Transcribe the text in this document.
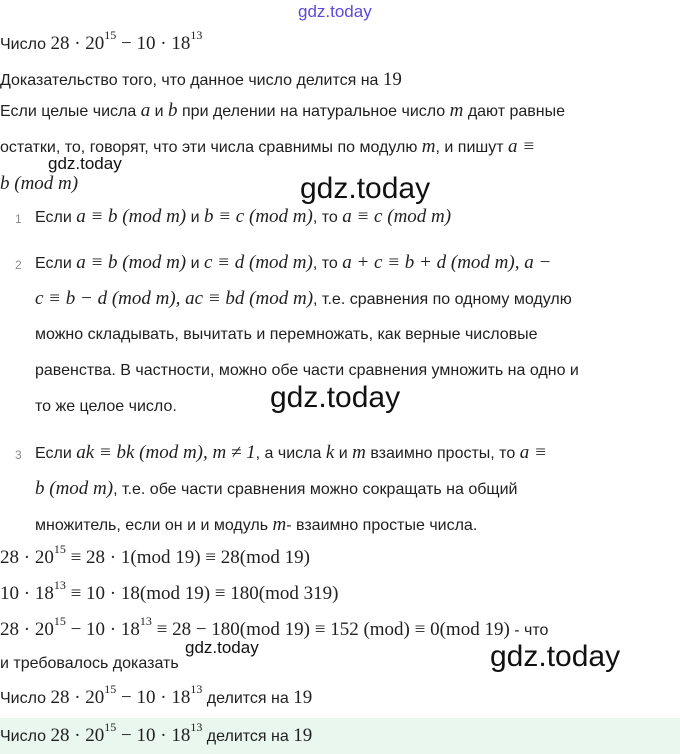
gdz.today
Число $28 \cdot 20^{15} - 10 \cdot 18^{13}$
Доказательство того, что данное число делится на 19
Если целые числа a и b при делении на натуральное число m дают равные
остатки, то, говорят, что эти числа сравнимы по модулю m, и пишут a ≡
gdz.today
b (mod m)	gdz.today
1 Если a ≡ b (mod m) и b ≡ c (mod m), то a ≡ c (mod m)
2 Если a ≡ b (mod m) и c ≡ d (mod m), то a + c ≡ b + d (mod m), a −
c ≡ b − d (mod m), ac ≡ bd (mod m), т.е. сравнения по одному модулю
можно складывать, вычитать и перемножать, как верные числовые
равенства. В частности, можно обе части сравнения умножить на одно и
то же целое число.	gdz.today
3 Если ak ≡ bk (mod m), m ≠ 1, а числа k и m взаимно просты, то a ≡
b (mod m), т.е. обе части сравнения можно сокращать на общий
множитель, если он и и модуль m- взаимно простые числа.
$28 \cdot 20^{15} \equiv 28 \cdot 1(mod$ 19) ≡ 28(mod 19)
$10 \cdot 18^{13} \equiv 10 \cdot 18(mod$ 19) ≡ 180(mod 319)
$28 \cdot 20^{15} - 10 \cdot 18^{13} \equiv 28 - 180(mod$ 19) ≡ 152 (mod) ≡ 0(mod 19) - что
gdz.today	gdz.today
и требовалось доказать
Число $28 \cdot 20^{15} - 10 \cdot 18^{13}$ делится на 19
Число $28 \cdot 20^{15} - 10 \cdot 18^{13}$ делится на 19
